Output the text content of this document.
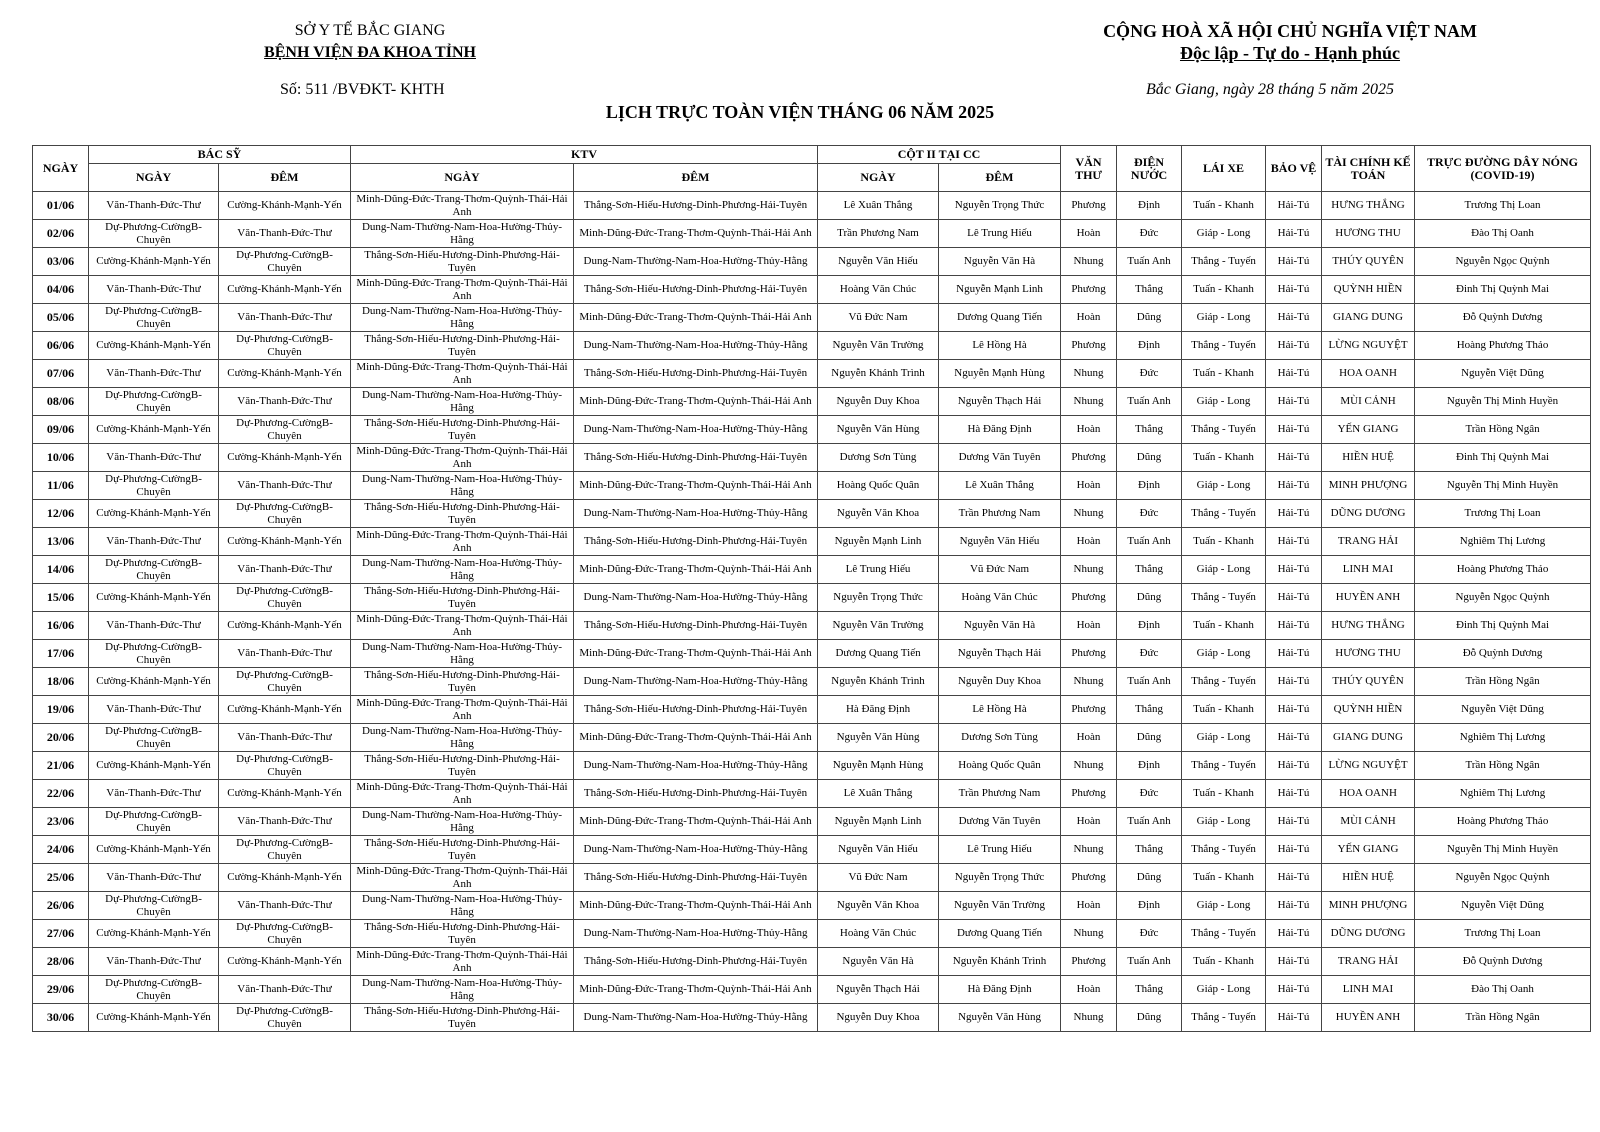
SỞ Y TẾ BẮC GIANG
BỆNH VIỆN ĐA KHOA TỈNH
CỘNG HOÀ XÃ HỘI CHỦ NGHĨA VIỆT NAM
Độc lập - Tự do - Hạnh phúc
Số: 511 /BVĐKT- KHTH	Bắc Giang, ngày 28 tháng 5 năm 2025
LỊCH TRỰC TOÀN VIỆN THÁNG 06 NĂM 2025
NGÀY	BÁC SỸ		KTV		CỘT II TẠI CC		VĂN THƯ	ĐIỆN NƯỚC	LÁI XE	BẢO VỆ	TÀI CHÍNH KẾ TOÁN	TRỰC ĐƯỜNG DÂY NÓNG (COVID-19)
	NGÀY	ĐÊM	NGÀY	ĐÊM	NGÀY	ĐÊM						
01/06	Văn-Thanh-Đức-Thư	Cường-Khánh-Mạnh-Yến	Minh-Dũng-Đức-Trang-Thơm-Quỳnh-Thái-Hải Anh	Thắng-Sơn-Hiếu-Hương-Dinh-Phương-Hải-Tuyên	Lê Xuân Thắng	Nguyễn Trọng Thức	Phương	Định	Tuấn - Khanh	Hải-Tú	HƯNG THẮNG	Trương Thị Loan
02/06	Dự-Phương-CườngB-Chuyên	Văn-Thanh-Đức-Thư	Dung-Nam-Thường-Nam-Hoa-Hường-Thủy-Hằng	Minh-Dũng-Đức-Trang-Thơm-Quỳnh-Thái-Hải Anh	Trần Phương Nam	Lê Trung Hiếu	Hoàn	Đức	Giáp - Long	Hải-Tú	HƯƠNG THU	Đào Thị Oanh
03/06	Cường-Khánh-Mạnh-Yến	Dự-Phương-CườngB-Chuyên	Thắng-Sơn-Hiếu-Hương-Dinh-Phương-Hải-Tuyên	Dung-Nam-Thường-Nam-Hoa-Hường-Thủy-Hằng	Nguyễn Văn Hiếu	Nguyễn Văn Hà	Nhung	Tuấn Anh	Thắng - Tuyến	Hải-Tú	THÚY QUYÊN	Nguyễn Ngọc Quỳnh
04/06	Văn-Thanh-Đức-Thư	Cường-Khánh-Mạnh-Yến	Minh-Dũng-Đức-Trang-Thơm-Quỳnh-Thái-Hải Anh	Thắng-Sơn-Hiếu-Hương-Dinh-Phương-Hải-Tuyên	Hoàng Văn Chúc	Nguyễn Mạnh Linh	Phương	Thắng	Tuấn - Khanh	Hải-Tú	QUỲNH HIỀN	Đinh Thị Quỳnh Mai
05/06	Dự-Phương-CườngB-Chuyên	Văn-Thanh-Đức-Thư	Dung-Nam-Thường-Nam-Hoa-Hường-Thủy-Hằng	Minh-Dũng-Đức-Trang-Thơm-Quỳnh-Thái-Hải Anh	Vũ Đức Nam	Dương Quang Tiến	Hoàn	Dũng	Giáp - Long	Hải-Tú	GIANG DUNG	Đỗ Quỳnh Dương
06/06	Cường-Khánh-Mạnh-Yến	Dự-Phương-CườngB-Chuyên	Thắng-Sơn-Hiếu-Hương-Dinh-Phương-Hải-Tuyên	Dung-Nam-Thường-Nam-Hoa-Hường-Thủy-Hằng	Nguyễn Văn Trường	Lê Hồng Hà	Phương	Định	Thắng - Tuyến	Hải-Tú	LỪNG NGUYỆT	Hoàng Phương Thảo
07/06	Văn-Thanh-Đức-Thư	Cường-Khánh-Mạnh-Yến	Minh-Dũng-Đức-Trang-Thơm-Quỳnh-Thái-Hải Anh	Thắng-Sơn-Hiếu-Hương-Dinh-Phương-Hải-Tuyên	Nguyễn Khánh Trình	Nguyễn Mạnh Hùng	Nhung	Đức	Tuấn - Khanh	Hải-Tú	HOA OANH	Nguyễn Việt Dũng
08/06	Dự-Phương-CườngB-Chuyên	Văn-Thanh-Đức-Thư	Dung-Nam-Thường-Nam-Hoa-Hường-Thủy-Hằng	Minh-Dũng-Đức-Trang-Thơm-Quỳnh-Thái-Hải Anh	Nguyễn Duy Khoa	Nguyễn Thạch Hải	Nhung	Tuấn Anh	Giáp - Long	Hải-Tú	MÙI CẢNH	Nguyễn Thị Minh Huyền
09/06	Cường-Khánh-Mạnh-Yến	Dự-Phương-CườngB-Chuyên	Thắng-Sơn-Hiếu-Hương-Dinh-Phương-Hải-Tuyên	Dung-Nam-Thường-Nam-Hoa-Hường-Thủy-Hằng	Nguyễn Văn Hùng	Hà Đăng Định	Hoàn	Thắng	Thắng - Tuyến	Hải-Tú	YẾN GIANG	Trần Hồng Ngân
10/06	Văn-Thanh-Đức-Thư	Cường-Khánh-Mạnh-Yến	Minh-Dũng-Đức-Trang-Thơm-Quỳnh-Thái-Hải Anh	Thắng-Sơn-Hiếu-Hương-Dinh-Phương-Hải-Tuyên	Dương Sơn Tùng	Dương Văn Tuyên	Phương	Dũng	Tuấn - Khanh	Hải-Tú	HIỀN HUỆ	Đinh Thị Quỳnh Mai
11/06	Dự-Phương-CườngB-Chuyên	Văn-Thanh-Đức-Thư	Dung-Nam-Thường-Nam-Hoa-Hường-Thủy-Hằng	Minh-Dũng-Đức-Trang-Thơm-Quỳnh-Thái-Hải Anh	Hoàng Quốc Quân	Lê Xuân Thắng	Hoàn	Định	Giáp - Long	Hải-Tú	MINH PHƯỢNG	Nguyễn Thị Minh Huyền
12/06	Cường-Khánh-Mạnh-Yến	Dự-Phương-CườngB-Chuyên	Thắng-Sơn-Hiếu-Hương-Dinh-Phương-Hải-Tuyên	Dung-Nam-Thường-Nam-Hoa-Hường-Thủy-Hằng	Nguyễn Văn Khoa	Trần Phương Nam	Nhung	Đức	Thắng - Tuyến	Hải-Tú	DŨNG DƯƠNG	Trương Thị Loan
13/06	Văn-Thanh-Đức-Thư	Cường-Khánh-Mạnh-Yến	Minh-Dũng-Đức-Trang-Thơm-Quỳnh-Thái-Hải Anh	Thắng-Sơn-Hiếu-Hương-Dinh-Phương-Hải-Tuyên	Nguyễn Mạnh Linh	Nguyễn Văn Hiếu	Hoàn	Tuấn Anh	Tuấn - Khanh	Hải-Tú	TRANG HẢI	Nghiêm Thị Lương
14/06	Dự-Phương-CườngB-Chuyên	Văn-Thanh-Đức-Thư	Dung-Nam-Thường-Nam-Hoa-Hường-Thủy-Hằng	Minh-Dũng-Đức-Trang-Thơm-Quỳnh-Thái-Hải Anh	Lê Trung Hiếu	Vũ Đức Nam	Nhung	Thắng	Giáp - Long	Hải-Tú	LINH MAI	Hoàng Phương Thảo
15/06	Cường-Khánh-Mạnh-Yến	Dự-Phương-CườngB-Chuyên	Thắng-Sơn-Hiếu-Hương-Dinh-Phương-Hải-Tuyên	Dung-Nam-Thường-Nam-Hoa-Hường-Thủy-Hằng	Nguyễn Trọng Thức	Hoàng Văn Chúc	Phương	Dũng	Thắng - Tuyến	Hải-Tú	HUYỀN ANH	Nguyễn Ngọc Quỳnh
16/06	Văn-Thanh-Đức-Thư	Cường-Khánh-Mạnh-Yến	Minh-Dũng-Đức-Trang-Thơm-Quỳnh-Thái-Hải Anh	Thắng-Sơn-Hiếu-Hương-Dinh-Phương-Hải-Tuyên	Nguyễn Văn Trường	Nguyễn Văn Hà	Hoàn	Định	Tuấn - Khanh	Hải-Tú	HƯNG THẮNG	Đinh Thị Quỳnh Mai
17/06	Dự-Phương-CườngB-Chuyên	Văn-Thanh-Đức-Thư	Dung-Nam-Thường-Nam-Hoa-Hường-Thủy-Hằng	Minh-Dũng-Đức-Trang-Thơm-Quỳnh-Thái-Hải Anh	Dương Quang Tiến	Nguyễn Thạch Hải	Phương	Đức	Giáp - Long	Hải-Tú	HƯƠNG THU	Đỗ Quỳnh Dương
18/06	Cường-Khánh-Mạnh-Yến	Dự-Phương-CườngB-Chuyên	Thắng-Sơn-Hiếu-Hương-Dinh-Phương-Hải-Tuyên	Dung-Nam-Thường-Nam-Hoa-Hường-Thủy-Hằng	Nguyễn Khánh Trình	Nguyễn Duy Khoa	Nhung	Tuấn Anh	Thắng - Tuyến	Hải-Tú	THÚY QUYÊN	Trần Hồng Ngân
19/06	Văn-Thanh-Đức-Thư	Cường-Khánh-Mạnh-Yến	Minh-Dũng-Đức-Trang-Thơm-Quỳnh-Thái-Hải Anh	Thắng-Sơn-Hiếu-Hương-Dinh-Phương-Hải-Tuyên	Hà Đăng Định	Lê Hồng Hà	Phương	Thắng	Tuấn - Khanh	Hải-Tú	QUỲNH HIỀN	Nguyễn Việt Dũng
20/06	Dự-Phương-CườngB-Chuyên	Văn-Thanh-Đức-Thư	Dung-Nam-Thường-Nam-Hoa-Hường-Thủy-Hằng	Minh-Dũng-Đức-Trang-Thơm-Quỳnh-Thái-Hải Anh	Nguyễn Văn Hùng	Dương Sơn Tùng	Hoàn	Dũng	Giáp - Long	Hải-Tú	GIANG DUNG	Nghiêm Thị Lương
21/06	Cường-Khánh-Mạnh-Yến	Dự-Phương-CườngB-Chuyên	Thắng-Sơn-Hiếu-Hương-Dinh-Phương-Hải-Tuyên	Dung-Nam-Thường-Nam-Hoa-Hường-Thủy-Hằng	Nguyễn Mạnh Hùng	Hoàng Quốc Quân	Nhung	Định	Thắng - Tuyến	Hải-Tú	LỪNG NGUYỆT	Trần Hồng Ngân
22/06	Văn-Thanh-Đức-Thư	Cường-Khánh-Mạnh-Yến	Minh-Dũng-Đức-Trang-Thơm-Quỳnh-Thái-Hải Anh	Thắng-Sơn-Hiếu-Hương-Dinh-Phương-Hải-Tuyên	Lê Xuân Thắng	Trần Phương Nam	Phương	Đức	Tuấn - Khanh	Hải-Tú	HOA OANH	Nghiêm Thị Lương
23/06	Dự-Phương-CườngB-Chuyên	Văn-Thanh-Đức-Thư	Dung-Nam-Thường-Nam-Hoa-Hường-Thủy-Hằng	Minh-Dũng-Đức-Trang-Thơm-Quỳnh-Thái-Hải Anh	Nguyễn Mạnh Linh	Dương Văn Tuyên	Hoàn	Tuấn Anh	Giáp - Long	Hải-Tú	MÙI CẢNH	Hoàng Phương Thảo
24/06	Cường-Khánh-Mạnh-Yến	Dự-Phương-CườngB-Chuyên	Thắng-Sơn-Hiếu-Hương-Dinh-Phương-Hải-Tuyên	Dung-Nam-Thường-Nam-Hoa-Hường-Thủy-Hằng	Nguyễn Văn Hiếu	Lê Trung Hiếu	Nhung	Thắng	Thắng - Tuyến	Hải-Tú	YẾN GIANG	Nguyễn Thị Minh Huyền
25/06	Văn-Thanh-Đức-Thư	Cường-Khánh-Mạnh-Yến	Minh-Dũng-Đức-Trang-Thơm-Quỳnh-Thái-Hải Anh	Thắng-Sơn-Hiếu-Hương-Dinh-Phương-Hải-Tuyên	Vũ Đức Nam	Nguyễn Trọng Thức	Phương	Dũng	Tuấn - Khanh	Hải-Tú	HIỀN HUỆ	Nguyễn Ngọc Quỳnh
26/06	Dự-Phương-CườngB-Chuyên	Văn-Thanh-Đức-Thư	Dung-Nam-Thường-Nam-Hoa-Hường-Thủy-Hằng	Minh-Dũng-Đức-Trang-Thơm-Quỳnh-Thái-Hải Anh	Nguyễn Văn Khoa	Nguyễn Văn Trường	Hoàn	Định	Giáp - Long	Hải-Tú	MINH PHƯỢNG	Nguyễn Việt Dũng
27/06	Cường-Khánh-Mạnh-Yến	Dự-Phương-CườngB-Chuyên	Thắng-Sơn-Hiếu-Hương-Dinh-Phương-Hải-Tuyên	Dung-Nam-Thường-Nam-Hoa-Hường-Thủy-Hằng	Hoàng Văn Chúc	Dương Quang Tiến	Nhung	Đức	Thắng - Tuyến	Hải-Tú	DŨNG DƯƠNG	Trương Thị Loan
28/06	Văn-Thanh-Đức-Thư	Cường-Khánh-Mạnh-Yến	Minh-Dũng-Đức-Trang-Thơm-Quỳnh-Thái-Hải Anh	Thắng-Sơn-Hiếu-Hương-Dinh-Phương-Hải-Tuyên	Nguyễn Văn Hà	Nguyễn Khánh Trình	Phương	Tuấn Anh	Tuấn - Khanh	Hải-Tú	TRANG HẢI	Đỗ Quỳnh Dương
29/06	Dự-Phương-CườngB-Chuyên	Văn-Thanh-Đức-Thư	Dung-Nam-Thường-Nam-Hoa-Hường-Thủy-Hằng	Minh-Dũng-Đức-Trang-Thơm-Quỳnh-Thái-Hải Anh	Nguyễn Thạch Hải	Hà Đăng Định	Hoàn	Thắng	Giáp - Long	Hải-Tú	LINH MAI	Đào Thị Oanh
30/06	Cường-Khánh-Mạnh-Yến	Dự-Phương-CườngB-Chuyên	Thắng-Sơn-Hiếu-Hương-Dinh-Phương-Hải-Tuyên	Dung-Nam-Thường-Nam-Hoa-Hường-Thủy-Hằng	Nguyễn Duy Khoa	Nguyễn Văn Hùng	Nhung	Dũng	Thắng - Tuyến	Hải-Tú	HUYỀN ANH	Trần Hồng Ngân
